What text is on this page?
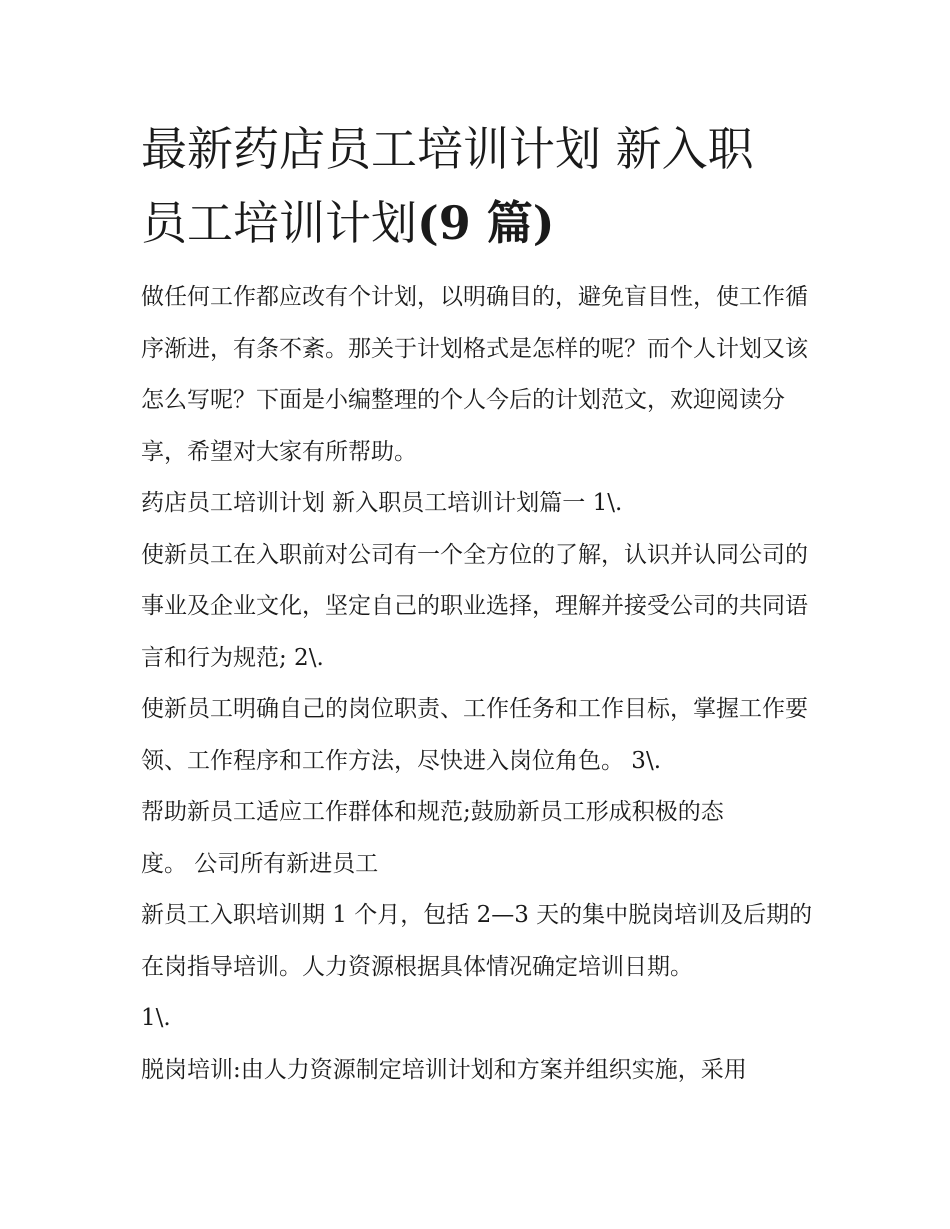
最新药店员工培训计划 新入职
员工培训计划(9 篇)

做任何工作都应改有个计划，以明确目的，避免盲目性，使工作循序渐进，有条不紊。那关于计划格式是怎样的呢？而个人计划又该怎么写呢？下面是小编整理的个人今后的计划范文，欢迎阅读分享，希望对大家有所帮助。

药店员工培训计划 新入职员工培训计划篇一 1\.

使新员工在入职前对公司有一个全方位的了解，认识并认同公司的事业及企业文化，坚定自己的职业选择，理解并接受公司的共同语言和行为规范; 2\.

使新员工明确自己的岗位职责、工作任务和工作目标，掌握工作要领、工作程序和工作方法，尽快进入岗位角色。 3\.

帮助新员工适应工作群体和规范;鼓励新员工形成积极的态

度。 公司所有新进员工

新员工入职培训期 1 个月，包括 2—3 天的集中脱岗培训及后期的在岗指导培训。人力资源根据具体情况确定培训日期。

1\.

脱岗培训:由人力资源制定培训计划和方案并组织实施，采用
